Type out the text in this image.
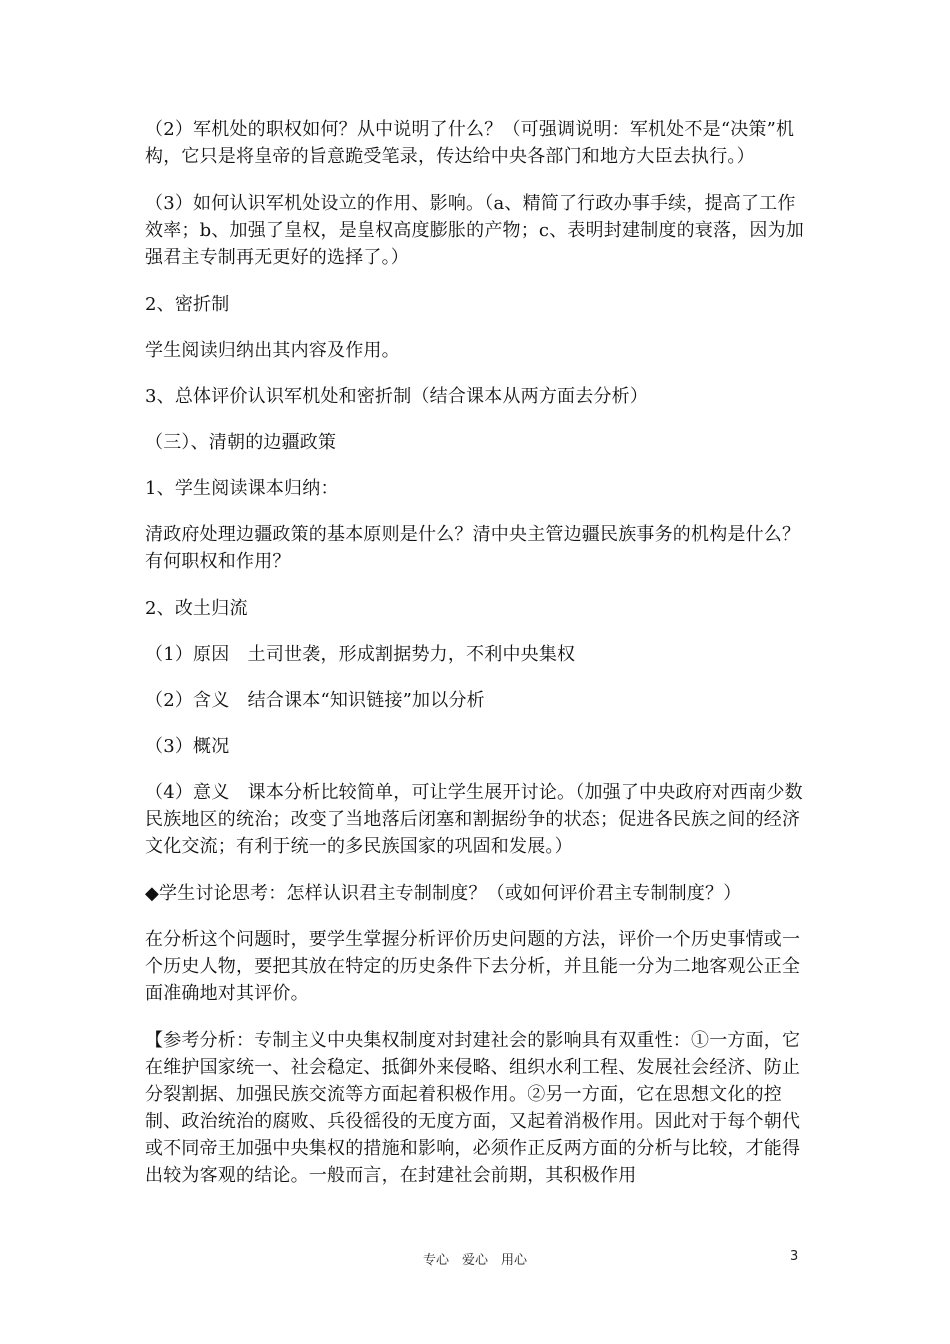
（2）军机处的职权如何？从中说明了什么？（可强调说明：军机处不是“决策”机构，它只是将皇帝的旨意跪受笔录，传达给中央各部门和地方大臣去执行。）

（3）如何认识军机处设立的作用、影响。（a、精简了行政办事手续，提高了工作效率；b、加强了皇权，是皇权高度膨胀的产物；c、表明封建制度的衰落，因为加强君主专制再无更好的选择了。）

2、密折制

学生阅读归纳出其内容及作用。

3、总体评价认识军机处和密折制（结合课本从两方面去分析）

（三）、清朝的边疆政策

1、学生阅读课本归纳：

清政府处理边疆政策的基本原则是什么？清中央主管边疆民族事务的机构是什么？有何职权和作用？

2、改土归流

（1）原因　土司世袭，形成割据势力，不利中央集权

（2）含义　结合课本“知识链接”加以分析

（3）概况

（4）意义　课本分析比较简单，可让学生展开讨论。（加强了中央政府对西南少数民族地区的统治；改变了当地落后闭塞和割据纷争的状态；促进各民族之间的经济文化交流；有利于统一的多民族国家的巩固和发展。）

◆学生讨论思考：怎样认识君主专制制度？（或如何评价君主专制制度？）

在分析这个问题时，要学生掌握分析评价历史问题的方法，评价一个历史事情或一个历史人物，要把其放在特定的历史条件下去分析，并且能一分为二地客观公正全面准确地对其评价。

【参考分析：专制主义中央集权制度对封建社会的影响具有双重性：①一方面，它在维护国家统一、社会稳定、抵御外来侵略、组织水利工程、发展社会经济、防止分裂割据、加强民族交流等方面起着积极作用。②另一方面，它在思想文化的控制、政治统治的腐败、兵役徭役的无度方面，又起着消极作用。因此对于每个朝代或不同帝王加强中央集权的措施和影响，必须作正反两方面的分析与比较，才能得出较为客观的结论。一般而言，在封建社会前期，其积极作用

专心　爱心　用心	3
